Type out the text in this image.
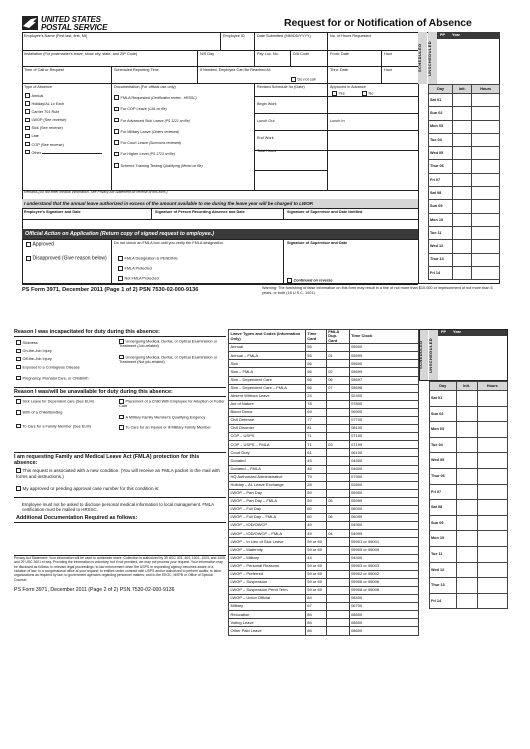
UNITED STATES
POSTAL SERVICE	Request for or Notification of Absence
Employee's Name (First last, first, MI)	Employee ID	Date Submitted (MM/DD/YYYY)	No. of Hours Requested
Installation (For postmaster's leave, show city, state, and ZIP Code)	N/S Day	Pay Loc. No.	D/A Code	From: Date	Hour
Time of Call or Request	Scheduled Reporting Time	If Needed, Employee Can Be Reached At:
Do not call
Thru: Date	Hour
Type of Absence
Annual
Holiday/AL Lv Exch
Carrier 701 Rule
LWOP (See reverse)
Sick (See reverse)
Late
COP (See reverse)
Other
Documentation (For official use only)
FMLA Requested (Certification review - HRSSC)
For COP Leave (CA1 on file)
For Advanced Sick Leave (PS 1221 on file)
For Military Leave (Orders reviewed)
For Court Leave (Summons reviewed)
For Higher Level (PS 1723 on file)
Scheme Training Testing Qualifying (Memo on file)
Revised Schedule for (Date)	Approved in Advance
Yes	No
Begin Work
Lunch Out	Lunch In
End Work
Total Hours
Remarks (Do not enter medical information. See Privacy Act Statement on reverse of this form.)
I understand that the annual leave authorized in excess of the amount available to me during the leave year will be charged to LWOP.
Employee's Signature and Date	Signature of Person Recording Absence and Date	Signature of Supervisor and Date Notified
Official Action on Application (Return copy of signed request to employee.)
Approved
Disapproved (Give reason below)
Do not check an FMLA box until you verify the FMLA designation.
FMLA Designation is PENDING
FMLA Protected
Not FMLA Protected
Signature of Supervisor and Date
Continued on reverse
PS Form 3971, December 2011 (Page 1 of 2) PSN 7530-02-000-9136	Warning: The furnishing of false information on this form may result in a fine of not more than $10,000 or imprisonment of not more than 5 years, or both (18 U.S.C. 1001).
SCHEDULED	UNSCHEDULED
PP Year
Day	Init.	Hours
Sat 01		
Sun 02		
Mon 03		
Tue 04		
Wed 05		
Thur 06		
Fri 07		
Sat 08		
Sun 09		
Mon 10		
Tue 11		
Wed 12		
Thur 13		
Fri 14		
Reason I was incapacitated for duty during this absence:
Sickness
On-the-Job Injury
Off-the-Job Injury
Exposed to a Contagious Disease
Pregnancy, Prenatal Care, or Childbirth
Undergoing Medical, Dental, or Optical Examination or Treatment (Job-related)
Undergoing Medical, Dental, or Optical Examination or Treatment (Not job-related)
Reason I was/will be unavailable for duty during this absence:
Sick Leave for Dependent care (See ELM)
Birth of a Child/Bonding
To Care for a Family Member (See ELM)
Placement of a Child With Employee for Adoption or Foster Care
A Military Family Member's Qualifying Exigency
To Care for an Injured or Ill Military Family Member
I am requesting Family and Medical Leave Act (FMLA) protection for this absence:
This request is associated with a new condition. (You will receive an FMLA packet in the mail with forms and instructions.)
My approved or pending approval case number for this condition is:
Employee must not be asked to disclose personal medical information to local management. FMLA certification must be mailed to HRSSC.
Additional Documentation Required as follows:
Privacy Act Statement: Your information will be used to administer leave. Collection is authorized by 39 USC 401, 404, 1001, 1003, and 1005; and 29 USC 2601 et seq. Providing the information is voluntary, but if not provided, we may not process your request. Your information may be disclosed as follows: in relevant legal proceedings; to law enforcement when the USPS or requesting agency becomes aware of a violation of law; to a congressional office at your request; to entities under contract with USPS and/or authorized to perform audits; to labor organizations as required by law; to government agencies regarding personnel matters; and to the EEOC, MSPB or Office of Special Counsel.
PS Form 3971, December 2011 (Page 2 of 2) PSN 7530-02-000-9136
Leave Types and Codes (Information Only)	Time Card	FMLA Dup. Card	Time Clock
Annual	55		05500
Annual – FMLA	55	01	05599
Sick	56		05600
Sick – FMLA	56	02	05699
Sick – Dependent Care	56	06	05697
Sick – Dependent Care – FMLA	56	07	05698
Absent Without Leave	24		02400
Act of Nature	78		07800
Blood Donor	69		06900
Civil Defense	77		07700
Civil Disorder	81		08100
COP – USPS	71		07100
COP – USPS – FMLA	71	03	07199
Court Duty	61		06100
Donated	45		04500
Donated – FMLA	46		04600
HQ Authorized Administrative	79		07900
Holiday – AL Leave Exchange	28		02800
LWOP – Part Day	59		05900
LWOP – Part Day – FMLA	59	05	05999
LWOP – Full Day	60		06000
LWOP – Full Day – FMLA	60	06	06099
LWOP – IOD/OWCP	49		04900
LWOP – IOD/OWCP – FMLA	49	04	04999
LWOP – In Lieu of Sick Leave	59 or 60		05901 or 06001
LWOP – Maternity	59 or 60		05905 or 06005
LWOP – Military	44		04400
LWOP – Personal Reasons	59 or 60		05903 or 06003
LWOP – Preferred	59 or 60		05902 or 06002
LWOP – Suspension	59 or 60		05906 or 06006
LWOP – Suspension Pend Term	59 or 60		05908 or 06008
LWOP – Union Official	84		08400
Military	67		06700
Relocation	85		08500
Voting Leave	85		08500
Other Paid Leave	86		08600
SCHEDULED	UNSCHEDULED
PP Year
Day	Init.	Hours
Sat 01		
Sun 02		
Mon 03		
Tue 04		
Wed 05		
Thur 06		
Fri 07		
Sat 08		
Sun 09		
Mon 10		
Tue 11		
Wed 12		
Thur 13		
Fri 14		
